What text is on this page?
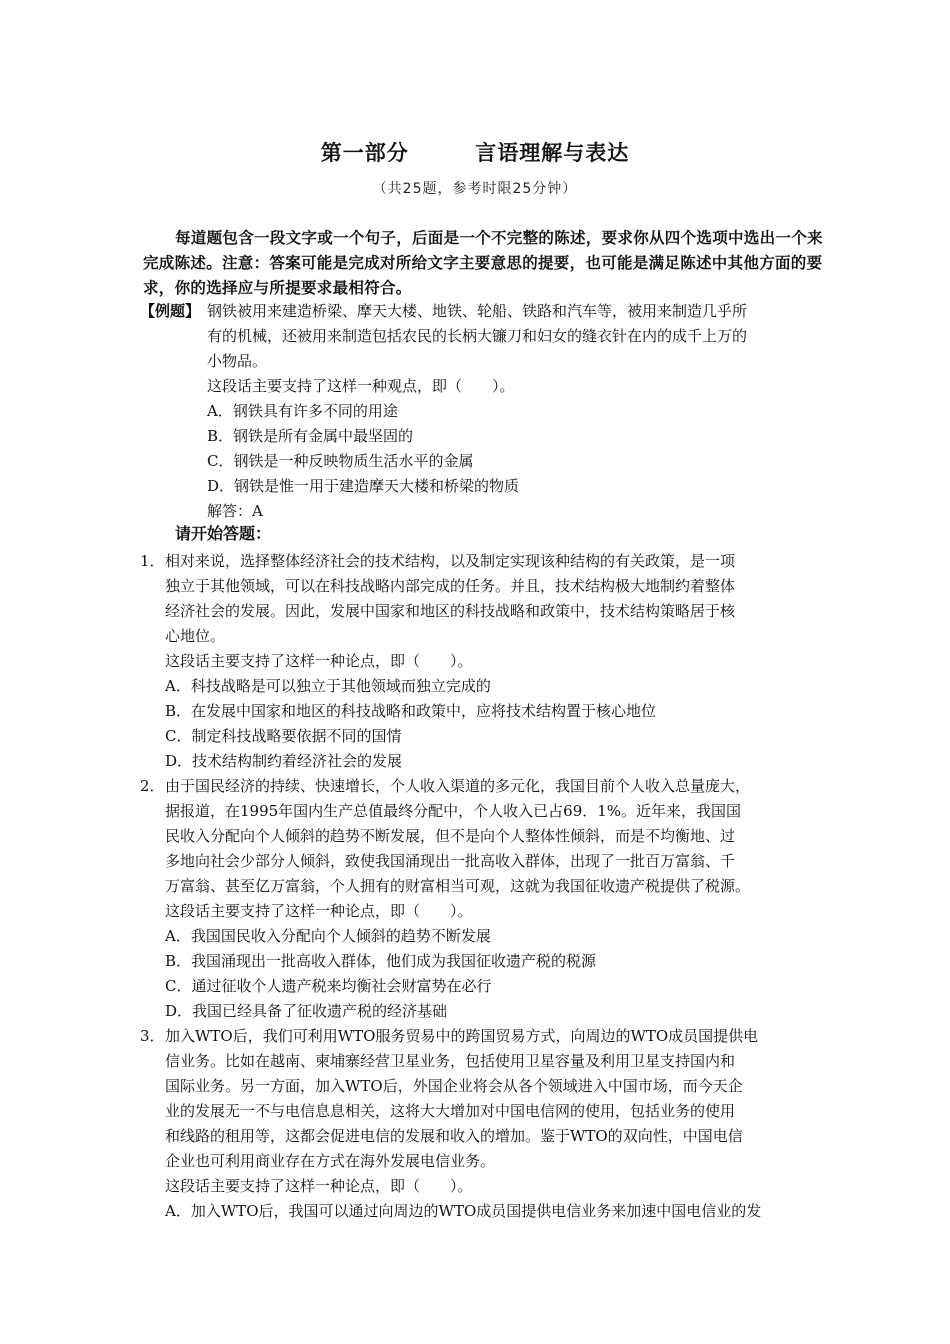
第一部分        言语理解与表达
（共25题，参考时限25分钟）

每道题包含一段文字或一个句子，后面是一个不完整的陈述，要求你从四个选项中选出一个来完成陈述。注意：答案可能是完成对所给文字主要意思的提要，也可能是满足陈述中其他方面的要求，你的选择应与所提要求最相符合。

【例题】 钢铁被用来建造桥梁、摩天大楼、地铁、轮船、铁路和汽车等，被用来制造几乎所
有的机械，还被用来制造包括农民的长柄大镰刀和妇女的缝衣针在内的成千上万的
小物品。
这段话主要支持了这样一种观点，即（　　）。
A．钢铁具有许多不同的用途
B．钢铁是所有金属中最坚固的
C．钢铁是一种反映物质生活水平的金属
D．钢铁是惟一用于建造摩天大楼和桥梁的物质
解答：A
请开始答题：
1． 相对来说，选择整体经济社会的技术结构，以及制定实现该种结构的有关政策，是一项
独立于其他领域，可以在科技战略内部完成的任务。并且，技术结构极大地制约着整体
经济社会的发展。因此，发展中国家和地区的科技战略和政策中，技术结构策略居于核
心地位。
这段话主要支持了这样一种论点，即（　　）。
A．科技战略是可以独立于其他领域而独立完成的
B．在发展中国家和地区的科技战略和政策中，应将技术结构置于核心地位
C．制定科技战略要依据不同的国情
D．技术结构制约着经济社会的发展
2． 由于国民经济的持续、快速增长，个人收入渠道的多元化，我国目前个人收入总量庞大，
据报道，在1995年国内生产总值最终分配中，个人收入已占69．1%。近年来，我国国
民收入分配向个人倾斜的趋势不断发展，但不是向个人整体性倾斜，而是不均衡地、过
多地向社会少部分人倾斜，致使我国涌现出一批高收入群体，出现了一批百万富翁、千
万富翁、甚至亿万富翁，个人拥有的财富相当可观，这就为我国征收遗产税提供了税源。
这段话主要支持了这样一种论点，即（　　）。
A．我国国民收入分配向个人倾斜的趋势不断发展
B．我国涌现出一批高收入群体，他们成为我国征收遗产税的税源
C．通过征收个人遗产税来均衡社会财富势在必行
D．我国已经具备了征收遗产税的经济基础
3． 加入WTO后，我们可利用WTO服务贸易中的跨国贸易方式，向周边的WTO成员国提供电
信业务。比如在越南、柬埔寨经营卫星业务，包括使用卫星容量及利用卫星支持国内和
国际业务。另一方面，加入WTO后，外国企业将会从各个领域进入中国市场，而今天企
业的发展无一不与电信息息相关，这将大大增加对中国电信网的使用，包括业务的使用
和线路的租用等，这都会促进电信的发展和收入的增加。鉴于WTO的双向性，中国电信
企业也可利用商业存在方式在海外发展电信业务。
这段话主要支持了这样一种论点，即（　　）。
A．加入WTO后，我国可以通过向周边的WTO成员国提供电信业务来加速中国电信业的发
